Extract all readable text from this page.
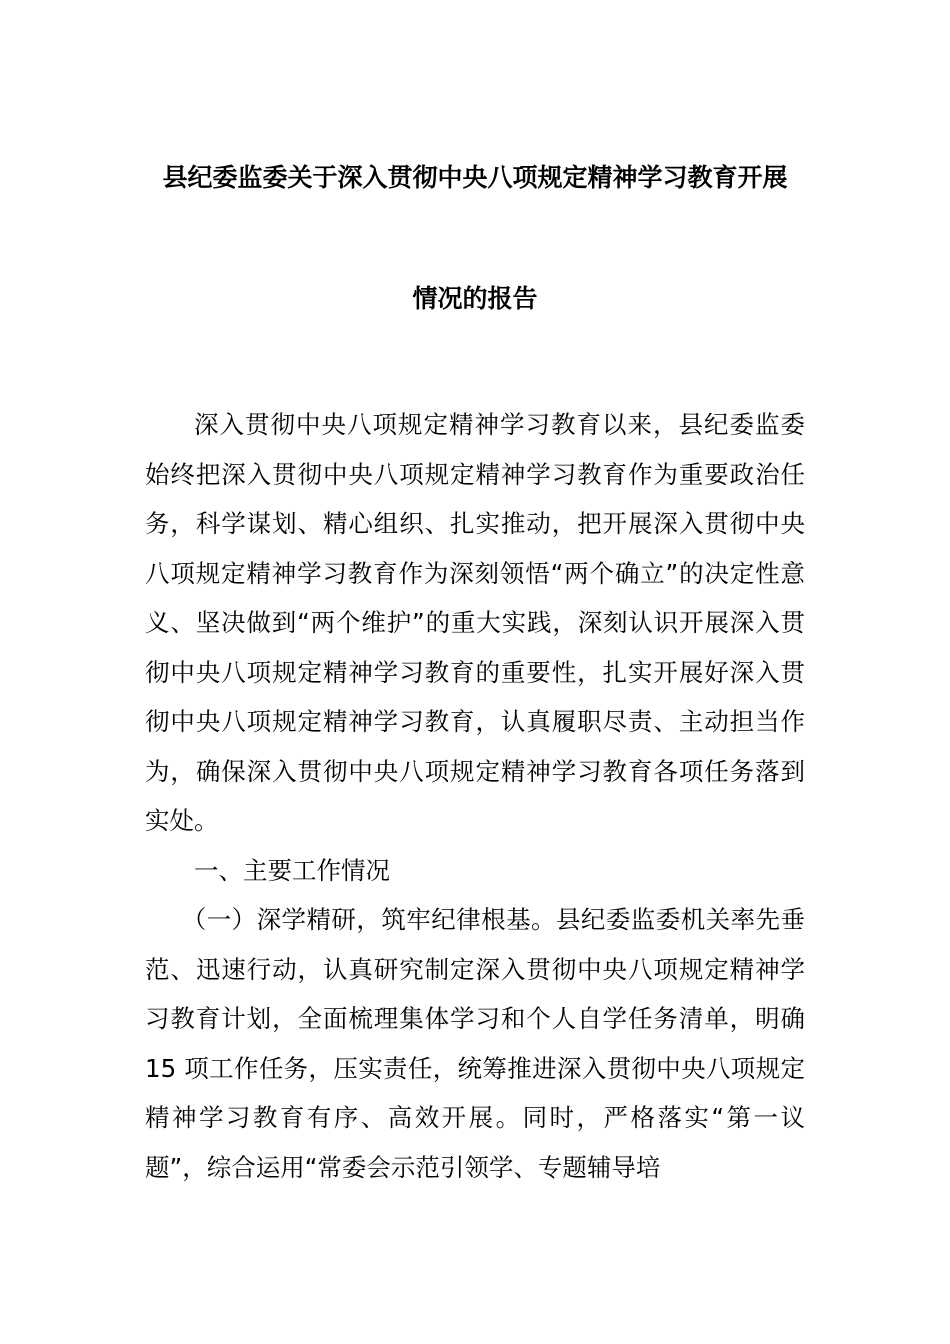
县纪委监委关于深入贯彻中央八项规定精神学习教育开展
情况的报告

深入贯彻中央八项规定精神学习教育以来，县纪委监委始终把深入贯彻中央八项规定精神学习教育作为重要政治任务，科学谋划、精心组织、扎实推动，把开展深入贯彻中央八项规定精神学习教育作为深刻领悟“两个确立”的决定性意义、坚决做到“两个维护”的重大实践，深刻认识开展深入贯彻中央八项规定精神学习教育的重要性，扎实开展好深入贯彻中央八项规定精神学习教育，认真履职尽责、主动担当作为，确保深入贯彻中央八项规定精神学习教育各项任务落到实处。

一、主要工作情况

（一）深学精研，筑牢纪律根基。县纪委监委机关率先垂范、迅速行动，认真研究制定深入贯彻中央八项规定精神学习教育计划，全面梳理集体学习和个人自学任务清单，明确 15 项工作任务，压实责任，统筹推进深入贯彻中央八项规定精神学习教育有序、高效开展。同时，严格落实“第一议题”，综合运用“常委会示范引领学、专题辅导培
